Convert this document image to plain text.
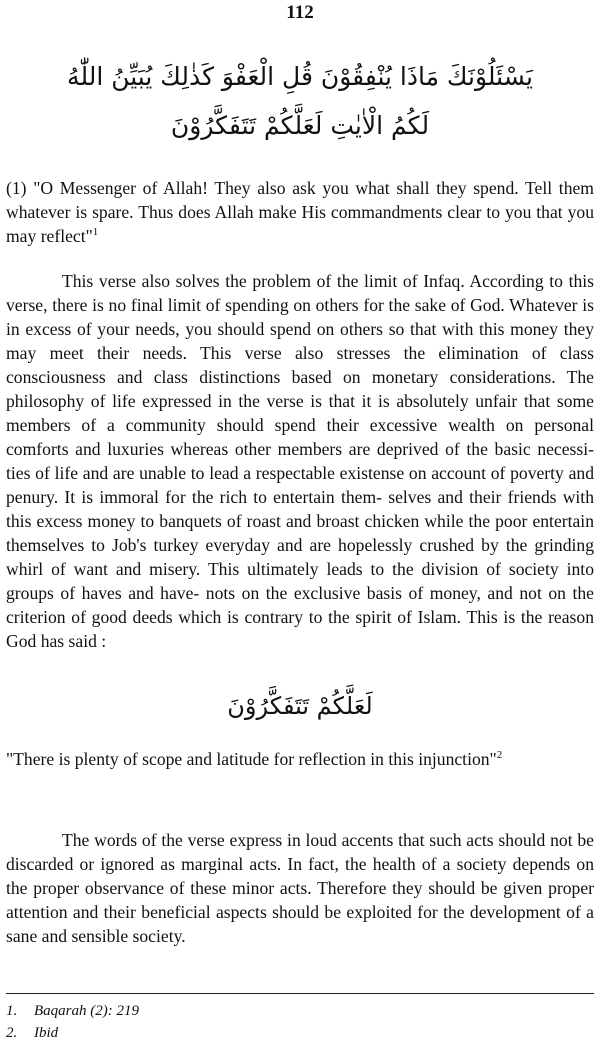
112
يَسْئَلُوْنَكَ مَاذَا يُنْفِقُوْنَ قُلِ الْعَفْوَ كَذٰلِكَ يُبَيِّنُ اللّٰهُ
لَكُمُ الْاٰيٰتِ لَعَلَّكُمْ تَتَفَكَّرُوْنَ

(1) "O Messenger of Allah! They also ask you what shall they spend. Tell them whatever is spare. Thus does Allah make His commandments clear to you that you may reflect"$^1$

This verse also solves the problem of the limit of Infaq. According to this verse, there is no final limit of spending on others for the sake of God. Whatever is in excess of your needs, you should spend on others so that with this money they may meet their needs. This verse also stresses the elimination of class consciousness and class distinctions based on monetary considerations. The philosophy of life expressed in the verse is that it is absolutely unfair that some members of a community should spend their excessive wealth on personal comforts and luxuries whereas other members are deprived of the basic necessi- ties of life and are unable to lead a respectable existense on account of poverty and penury. It is immoral for the rich to entertain them- selves and their friends with this excess money to banquets of roast and broast chicken while the poor entertain themselves to Job's turkey everyday and are hopelessly crushed by the grinding whirl of want and misery. This ultimately leads to the division of society into groups of haves and have- nots on the exclusive basis of money, and not on the criterion of good deeds which is contrary to the spirit of Islam. This is the reason God has said :

لَعَلَّكُمْ تَتَفَكَّرُوْنَ

"There is plenty of scope and latitude for reflection in this injunction"$^2$

The words of the verse express in loud accents that such acts should not be discarded or ignored as marginal acts. In fact, the health of a society depends on the proper observance of these minor acts. Therefore they should be given proper attention and their beneficial aspects should be exploited for the development of a sane and sensible society.

1.	Baqarah (2): 219
2.	Ibid
